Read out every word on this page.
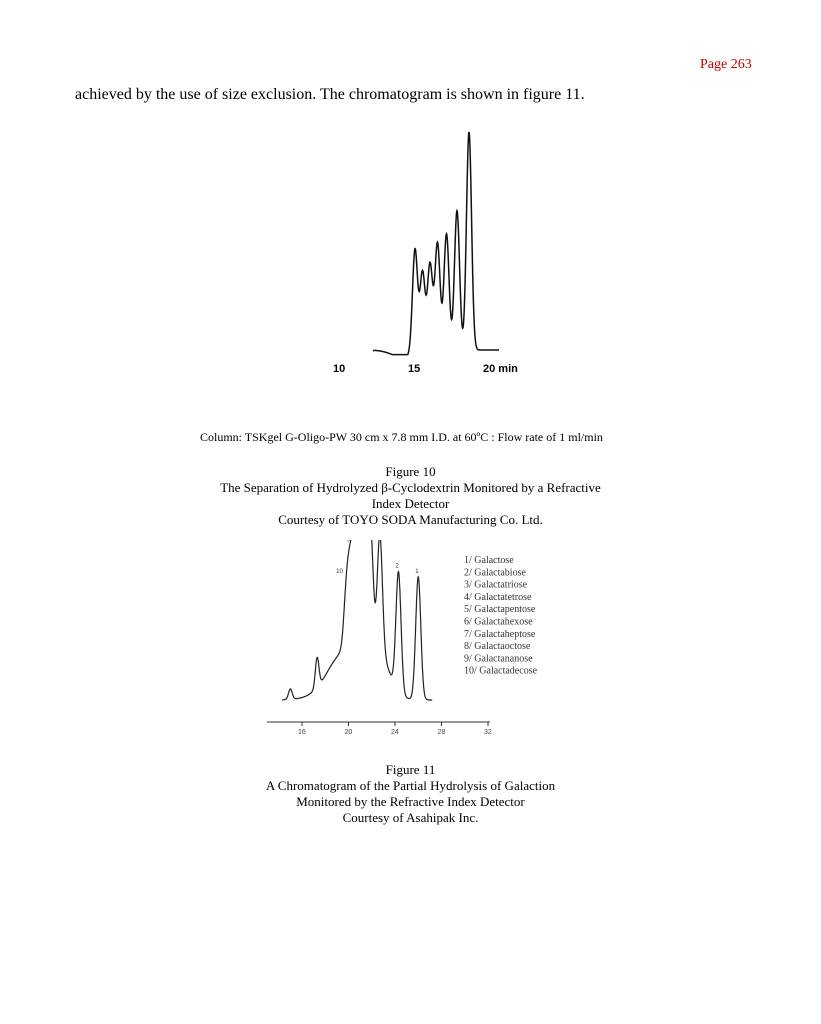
Page 263
achieved by the use of size exclusion. The chromatogram is shown in figure 11.
10	15	20 min
Column: TSKgel G-Oligo-PW 30 cm x 7.8 mm I.D. at 60ºC : Flow rate of 1 ml/min
Figure 10
The Separation of Hydrolyzed β-Cyclodextrin Monitored by a Refractive
Index Detector
Courtesy of TOYO SODA Manufacturing Co. Ltd.
16	20	24	28	32
1
2
9
10
1/ Galactose
2/ Galactabiose
3/ Galactatriose
4/ Galactatetrose
5/ Galactapentose
6/ Galactahexose
7/ Galactaheptose
8/ Galactaoctose
9/ Galactananose
10/ Galactadecose
Figure 11
A Chromatogram of the Partial Hydrolysis of Galaction
Monitored by the Refractive Index Detector
Courtesy of Asahipak Inc.
